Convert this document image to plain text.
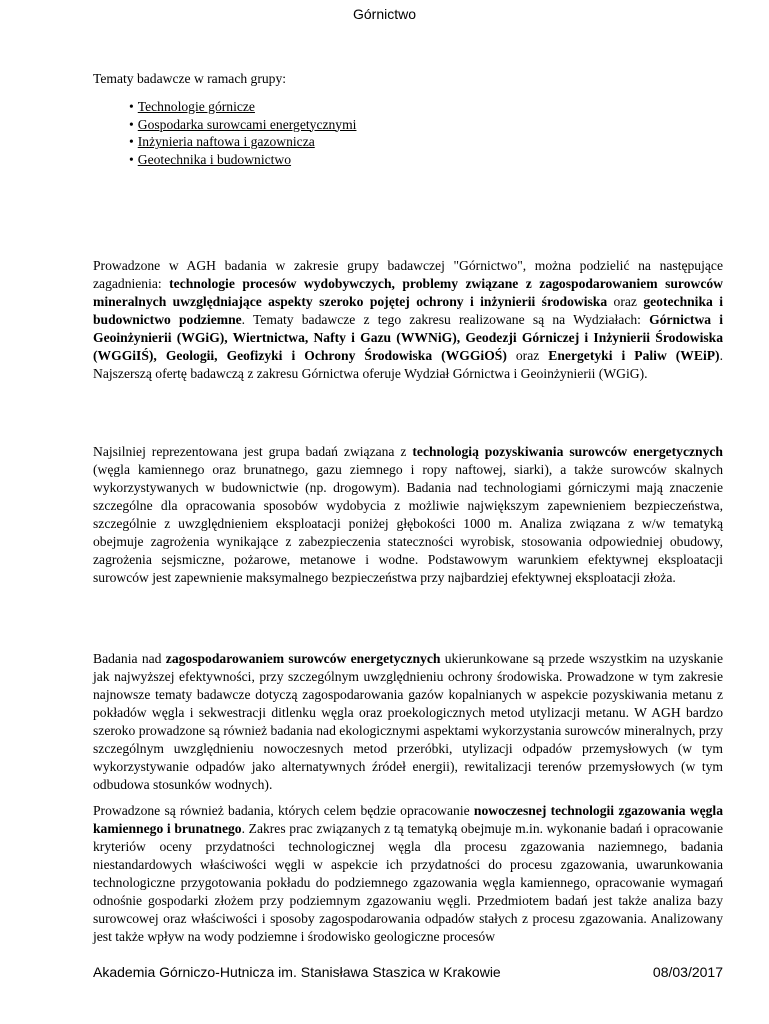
Górnictwo

Tematy badawcze w ramach grupy:

• Technologie górnicze
• Gospodarka surowcami energetycznymi
• Inżynieria naftowa i gazownicza
• Geotechnika i budownictwo

Prowadzone w AGH badania w zakresie grupy badawczej "Górnictwo", można podzielić na następujące zagadnienia: technologie procesów wydobywczych, problemy związane z zagospodarowaniem surowców mineralnych uwzględniające aspekty szeroko pojętej ochrony i inżynierii środowiska oraz geotechnika i budownictwo podziemne. Tematy badawcze z tego zakresu realizowane są na Wydziałach: Górnictwa i Geoinżynierii (WGiG), Wiertnictwa, Nafty i Gazu (WWNiG), Geodezji Górniczej i Inżynierii Środowiska (WGGiIŚ), Geologii, Geofizyki i Ochrony Środowiska (WGGiOŚ) oraz Energetyki i Paliw (WEiP). Najszerszą ofertę badawczą z zakresu Górnictwa oferuje Wydział Górnictwa i Geoinżynierii (WGiG).

Najsilniej reprezentowana jest grupa badań związana z technologią pozyskiwania surowców energetycznych (węgla kamiennego oraz brunatnego, gazu ziemnego i ropy naftowej, siarki), a także surowców skalnych wykorzystywanych w budownictwie (np. drogowym). Badania nad technologiami górniczymi mają znaczenie szczególne dla opracowania sposobów wydobycia z możliwie największym zapewnieniem bezpieczeństwa, szczególnie z uwzględnieniem eksploatacji poniżej głębokości 1000 m. Analiza związana z w/w tematyką obejmuje zagrożenia wynikające z zabezpieczenia stateczności wyrobisk, stosowania odpowiedniej obudowy, zagrożenia sejsmiczne, pożarowe, metanowe i wodne. Podstawowym warunkiem efektywnej eksploatacji surowców jest zapewnienie maksymalnego bezpieczeństwa przy najbardziej efektywnej eksploatacji złoża.

Badania nad zagospodarowaniem surowców energetycznych ukierunkowane są przede wszystkim na uzyskanie jak najwyższej efektywności, przy szczególnym uwzględnieniu ochrony środowiska. Prowadzone w tym zakresie najnowsze tematy badawcze dotyczą zagospodarowania gazów kopalnianych w aspekcie pozyskiwania metanu z pokładów węgla i sekwestracji ditlenku węgla oraz proekologicznych metod utylizacji metanu. W AGH bardzo szeroko prowadzone są również badania nad ekologicznymi aspektami wykorzystania surowców mineralnych, przy szczególnym uwzględnieniu nowoczesnych metod przeróbki, utylizacji odpadów przemysłowych (w tym wykorzystywanie odpadów jako alternatywnych źródeł energii), rewitalizacji terenów przemysłowych (w tym odbudowa stosunków wodnych).

Prowadzone są również badania, których celem będzie opracowanie nowoczesnej technologii zgazowania węgla kamiennego i brunatnego. Zakres prac związanych z tą tematyką obejmuje m.in. wykonanie badań i opracowanie kryteriów oceny przydatności technologicznej węgla dla procesu zgazowania naziemnego, badania niestandardowych właściwości węgli w aspekcie ich przydatności do procesu zgazowania, uwarunkowania technologiczne przygotowania pokładu do podziemnego zgazowania węgla kamiennego, opracowanie wymagań odnośnie gospodarki złożem przy podziemnym zgazowaniu węgli. Przedmiotem badań jest także analiza bazy surowcowej oraz właściwości i sposoby zagospodarowania odpadów stałych z procesu zgazowania. Analizowany jest także wpływ na wody podziemne i środowisko geologiczne procesów

Akademia Górniczo-Hutnicza im. Stanisława Staszica w Krakowie	08/03/2017
